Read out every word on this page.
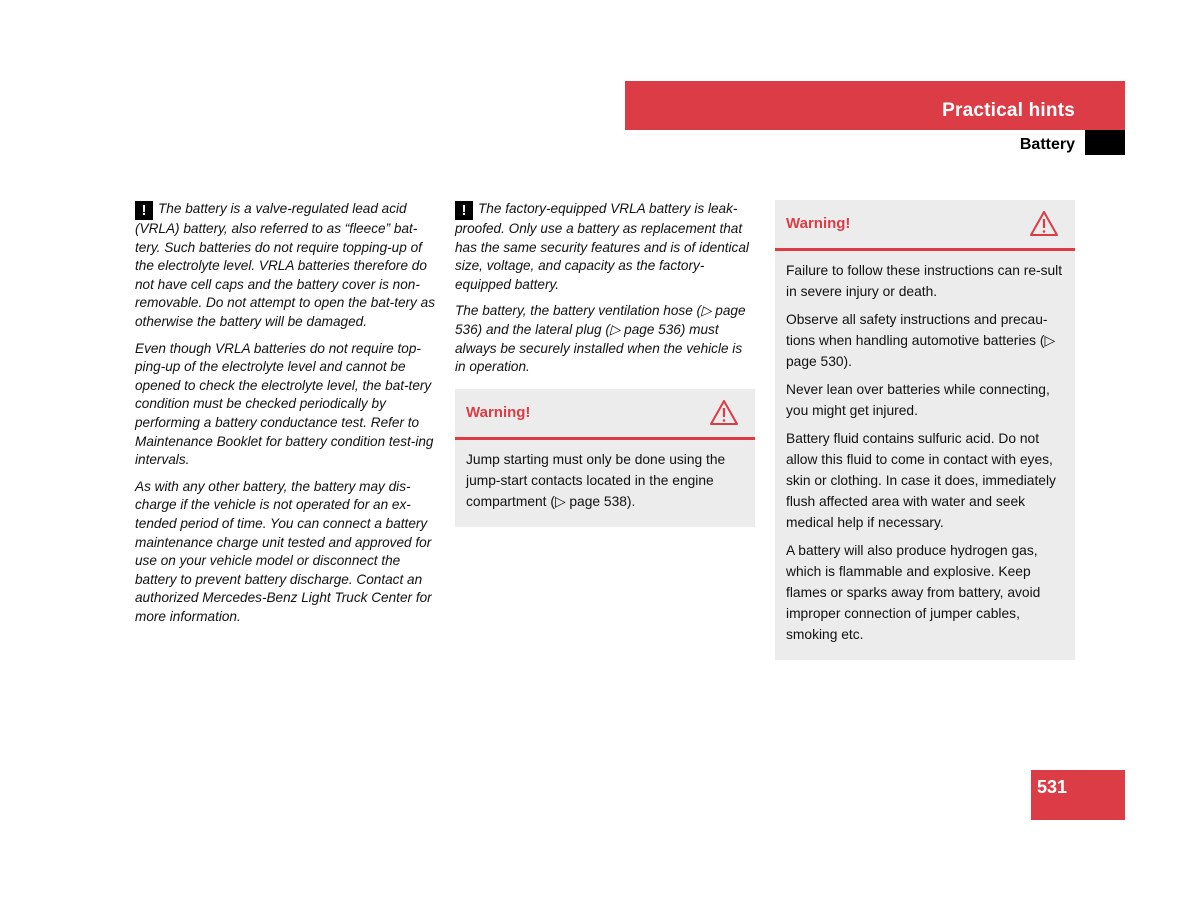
Practical hints
Battery

! The battery is a valve-regulated lead acid (VRLA) battery, also referred to as “fleece” bat-tery. Such batteries do not require topping-up of the electrolyte level. VRLA batteries therefore do not have cell caps and the battery cover is non-removable. Do not attempt to open the bat-tery as otherwise the battery will be damaged.

Even though VRLA batteries do not require top-ping-up of the electrolyte level and cannot be opened to check the electrolyte level, the bat-tery condition must be checked periodically by performing a battery conductance test. Refer to Maintenance Booklet for battery condition test-ing intervals.

As with any other battery, the battery may dis-charge if the vehicle is not operated for an ex-tended period of time. You can connect a battery maintenance charge unit tested and approved for use on your vehicle model or disconnect the battery to prevent battery discharge. Contact an authorized Mercedes-Benz Light Truck Center for more information.

! The factory-equipped VRLA battery is leak-proofed. Only use a battery as replacement that has the same security features and is of identical size, voltage, and capacity as the factory-equipped battery.

The battery, the battery ventilation hose (▷ page 536) and the lateral plug (▷ page 536) must always be securely installed when the vehicle is in operation.

Warning!

Jump starting must only be done using the jump-start contacts located in the engine compartment (▷ page 538).

Warning!

Failure to follow these instructions can re-sult in severe injury or death.

Observe all safety instructions and precau-tions when handling automotive batteries (▷ page 530).

Never lean over batteries while connecting, you might get injured.

Battery fluid contains sulfuric acid. Do not allow this fluid to come in contact with eyes, skin or clothing. In case it does, immediately flush affected area with water and seek medical help if necessary.

A battery will also produce hydrogen gas, which is flammable and explosive. Keep flames or sparks away from battery, avoid improper connection of jumper cables, smoking etc.

531
